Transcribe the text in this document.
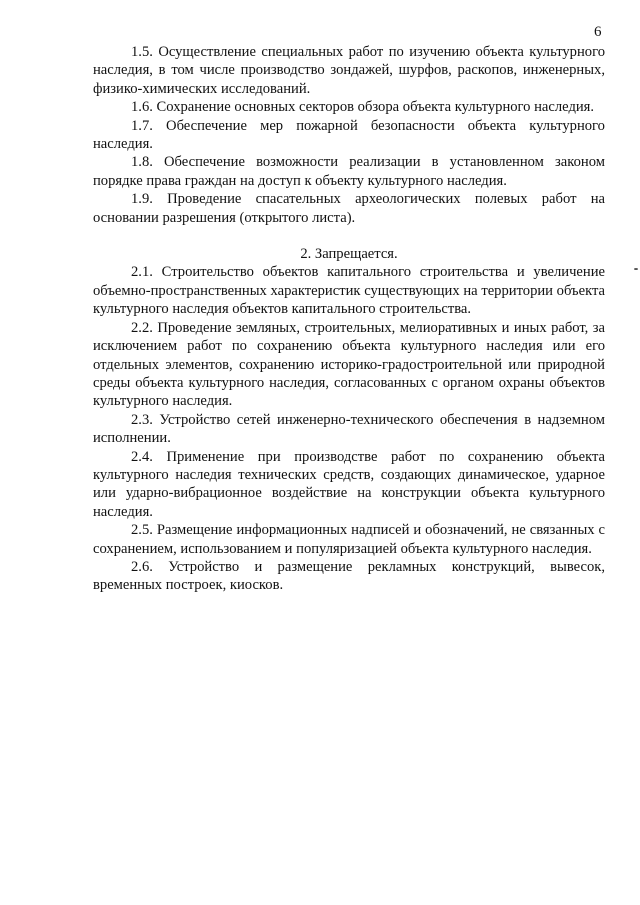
6

1.5. Осуществление специальных работ по изучению объекта культурного наследия, в том числе производство зондажей, шурфов, раскопов, инженерных, физико-химических исследований.

1.6. Сохранение основных секторов обзора объекта культурного наследия.

1.7. Обеспечение мер пожарной безопасности объекта культурного наследия.

1.8. Обеспечение возможности реализации в установленном законом порядке права граждан на доступ к объекту культурного наследия.

1.9. Проведение спасательных археологических полевых работ на основании разрешения (открытого листа).

2. Запрещается.

2.1. Строительство объектов капитального строительства и увеличение объемно-пространственных характеристик существующих на территории объекта культурного наследия объектов капитального строительства.

2.2. Проведение земляных, строительных, мелиоративных и иных работ, за исключением работ по сохранению объекта культурного наследия или его отдельных элементов, сохранению историко-градостроительной или природной среды объекта культурного наследия, согласованных с органом охраны объектов культурного наследия.

2.3. Устройство сетей инженерно-технического обеспечения в надземном исполнении.

2.4. Применение при производстве работ по сохранению объекта культурного наследия технических средств, создающих динамическое, ударное или ударно-вибрационное воздействие на конструкции объекта культурного наследия.

2.5. Размещение информационных надписей и обозначений, не связанных с сохранением, использованием и популяризацией объекта культурного наследия.

2.6. Устройство и размещение рекламных конструкций, вывесок, временных построек, киосков.
